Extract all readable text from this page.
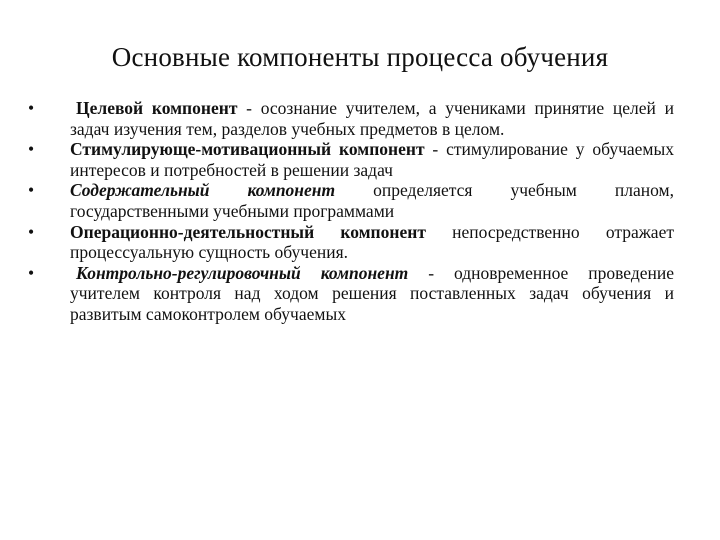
Основные компоненты процесса обучения
•	Целевой компонент - осознание учителем, а учениками принятие целей и задач изучения тем, разделов учебных предметов в целом.
•	Стимулирующе-мотивационный компонент - стимулирование у обучаемых интересов и потребностей в решении задач
•	Содержательный компонент определяется учебным планом, государственными учебными программами
•	Операционно-деятельностный компонент непосредственно отражает процессуальную сущность обучения.
•	Контрольно-регулировочный компонент - одновременное проведение учителем контроля над ходом решения поставленных задач обучения и развитым самоконтролем обучаемых
